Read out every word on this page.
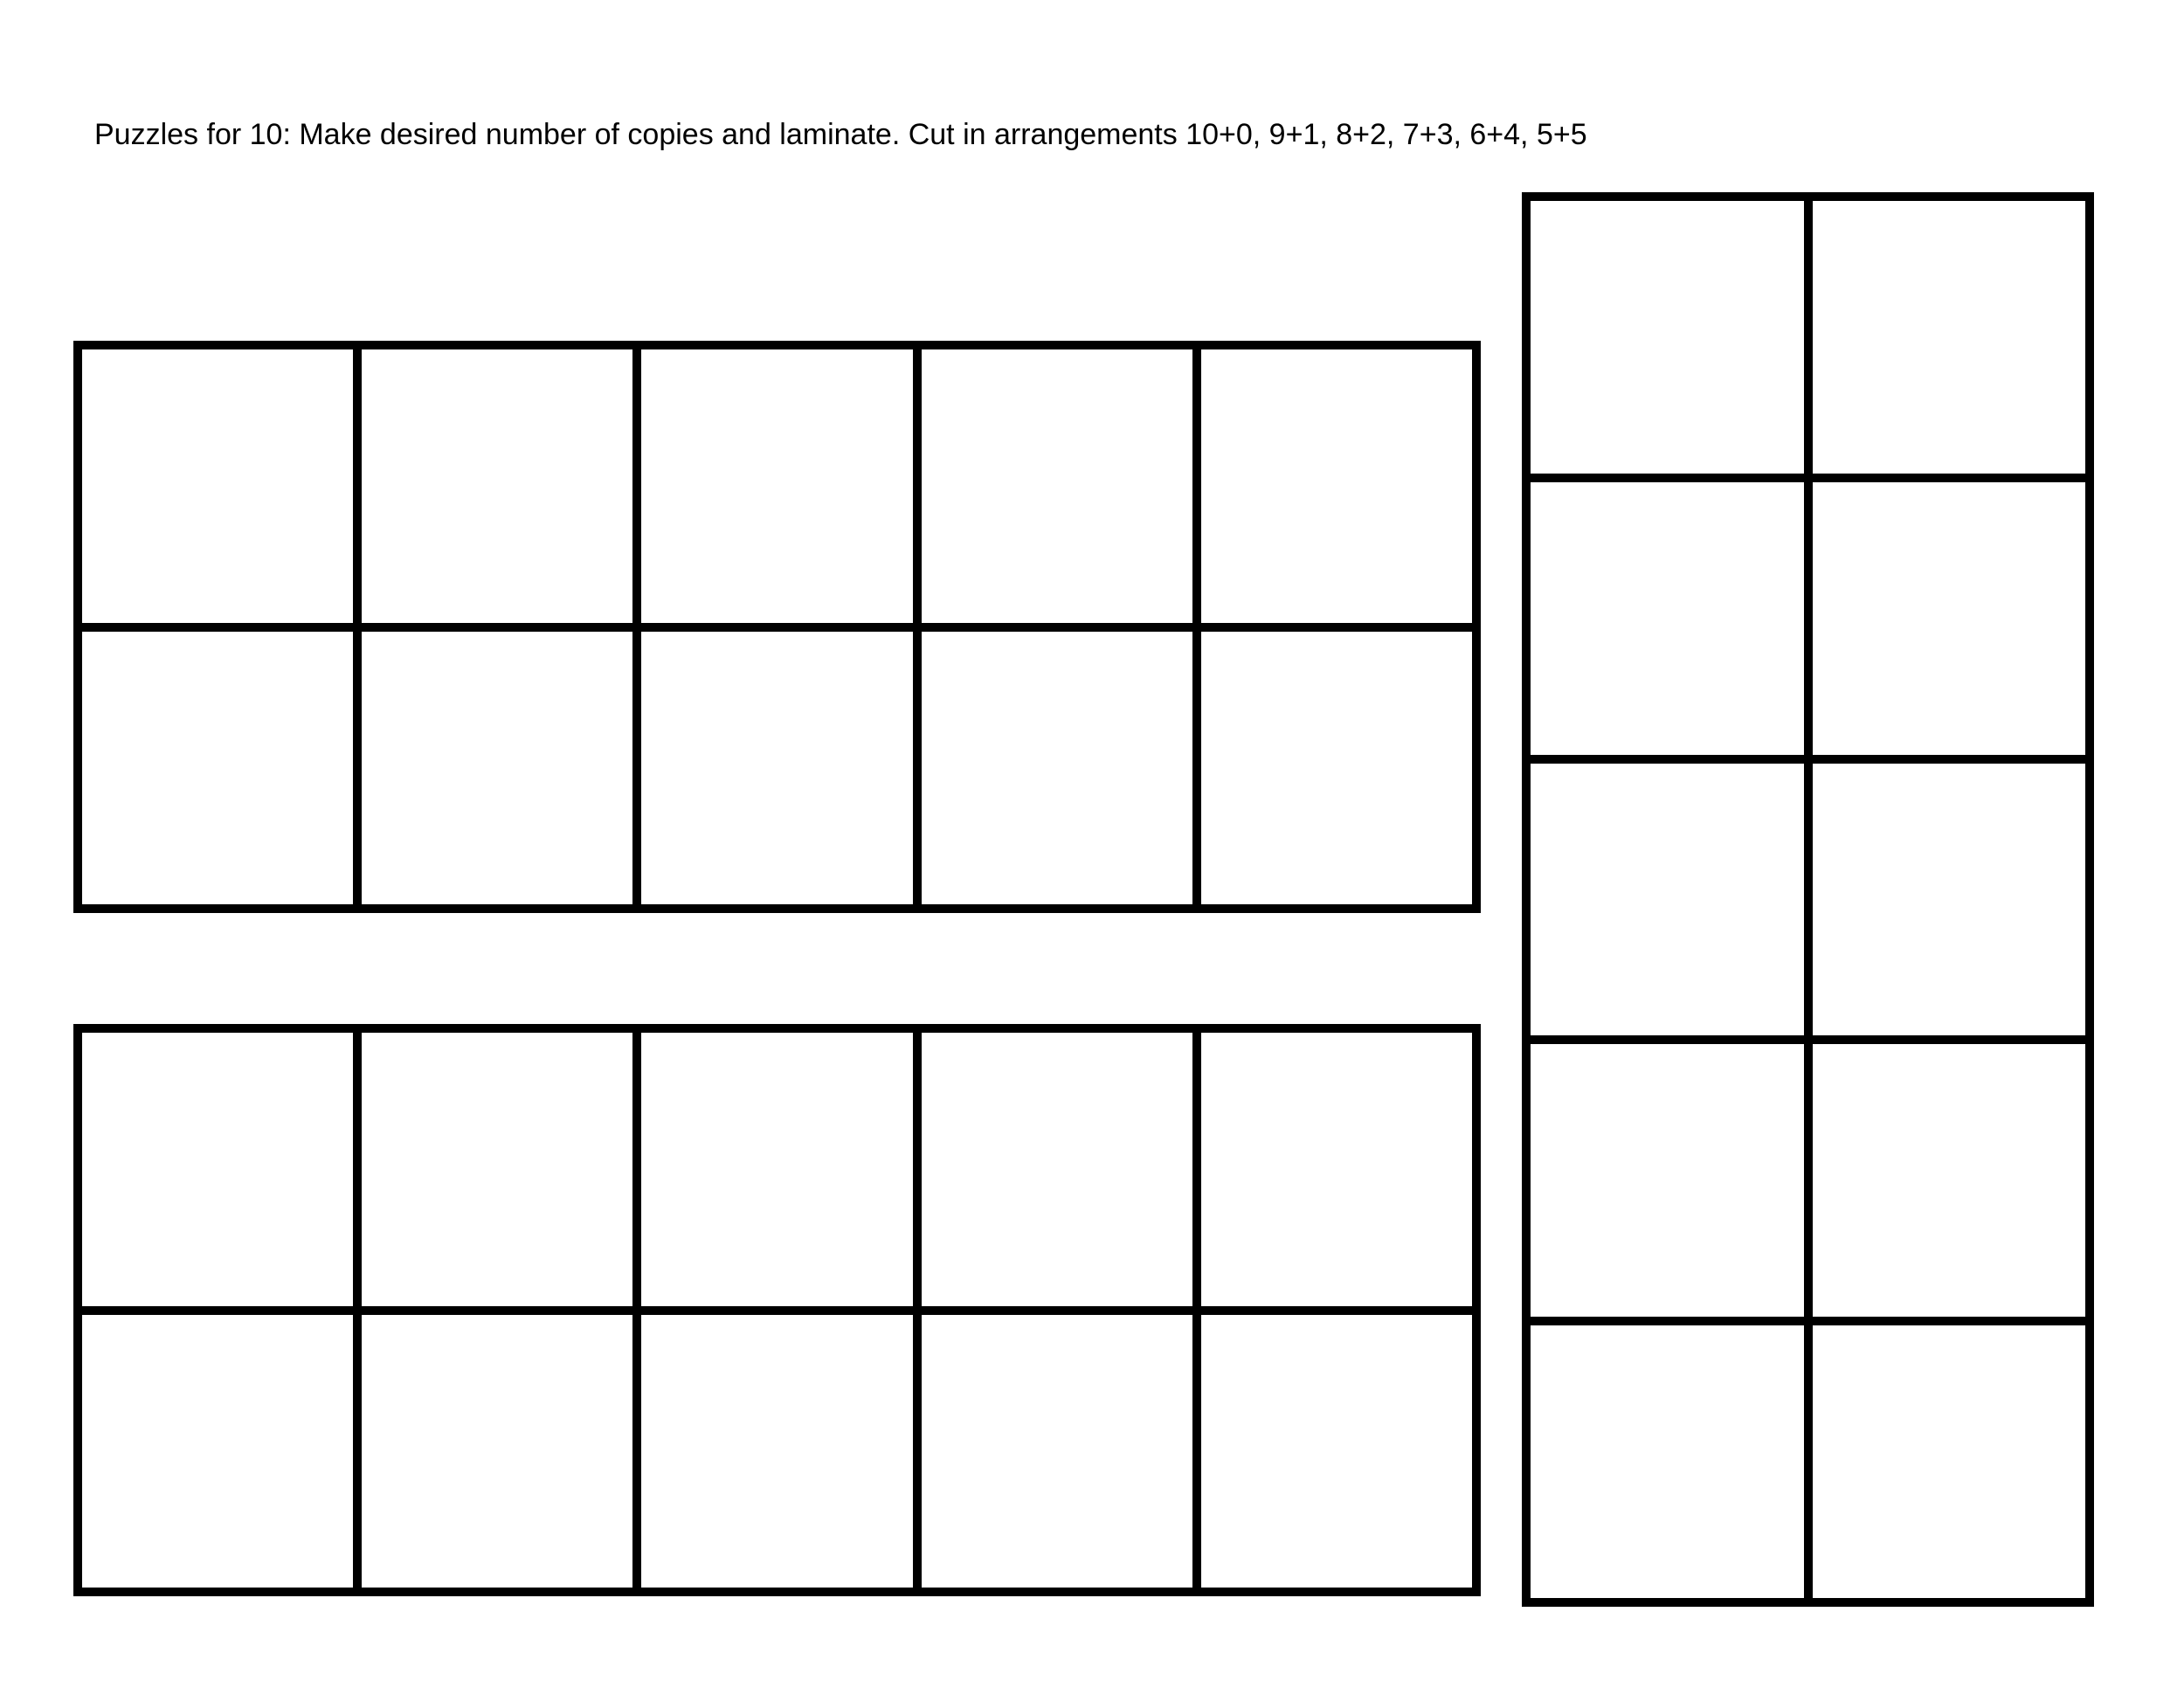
Puzzles for 10: Make desired number of copies and laminate. Cut in arrangements 10+0, 9+1, 8+2, 7+3, 6+4, 5+5
